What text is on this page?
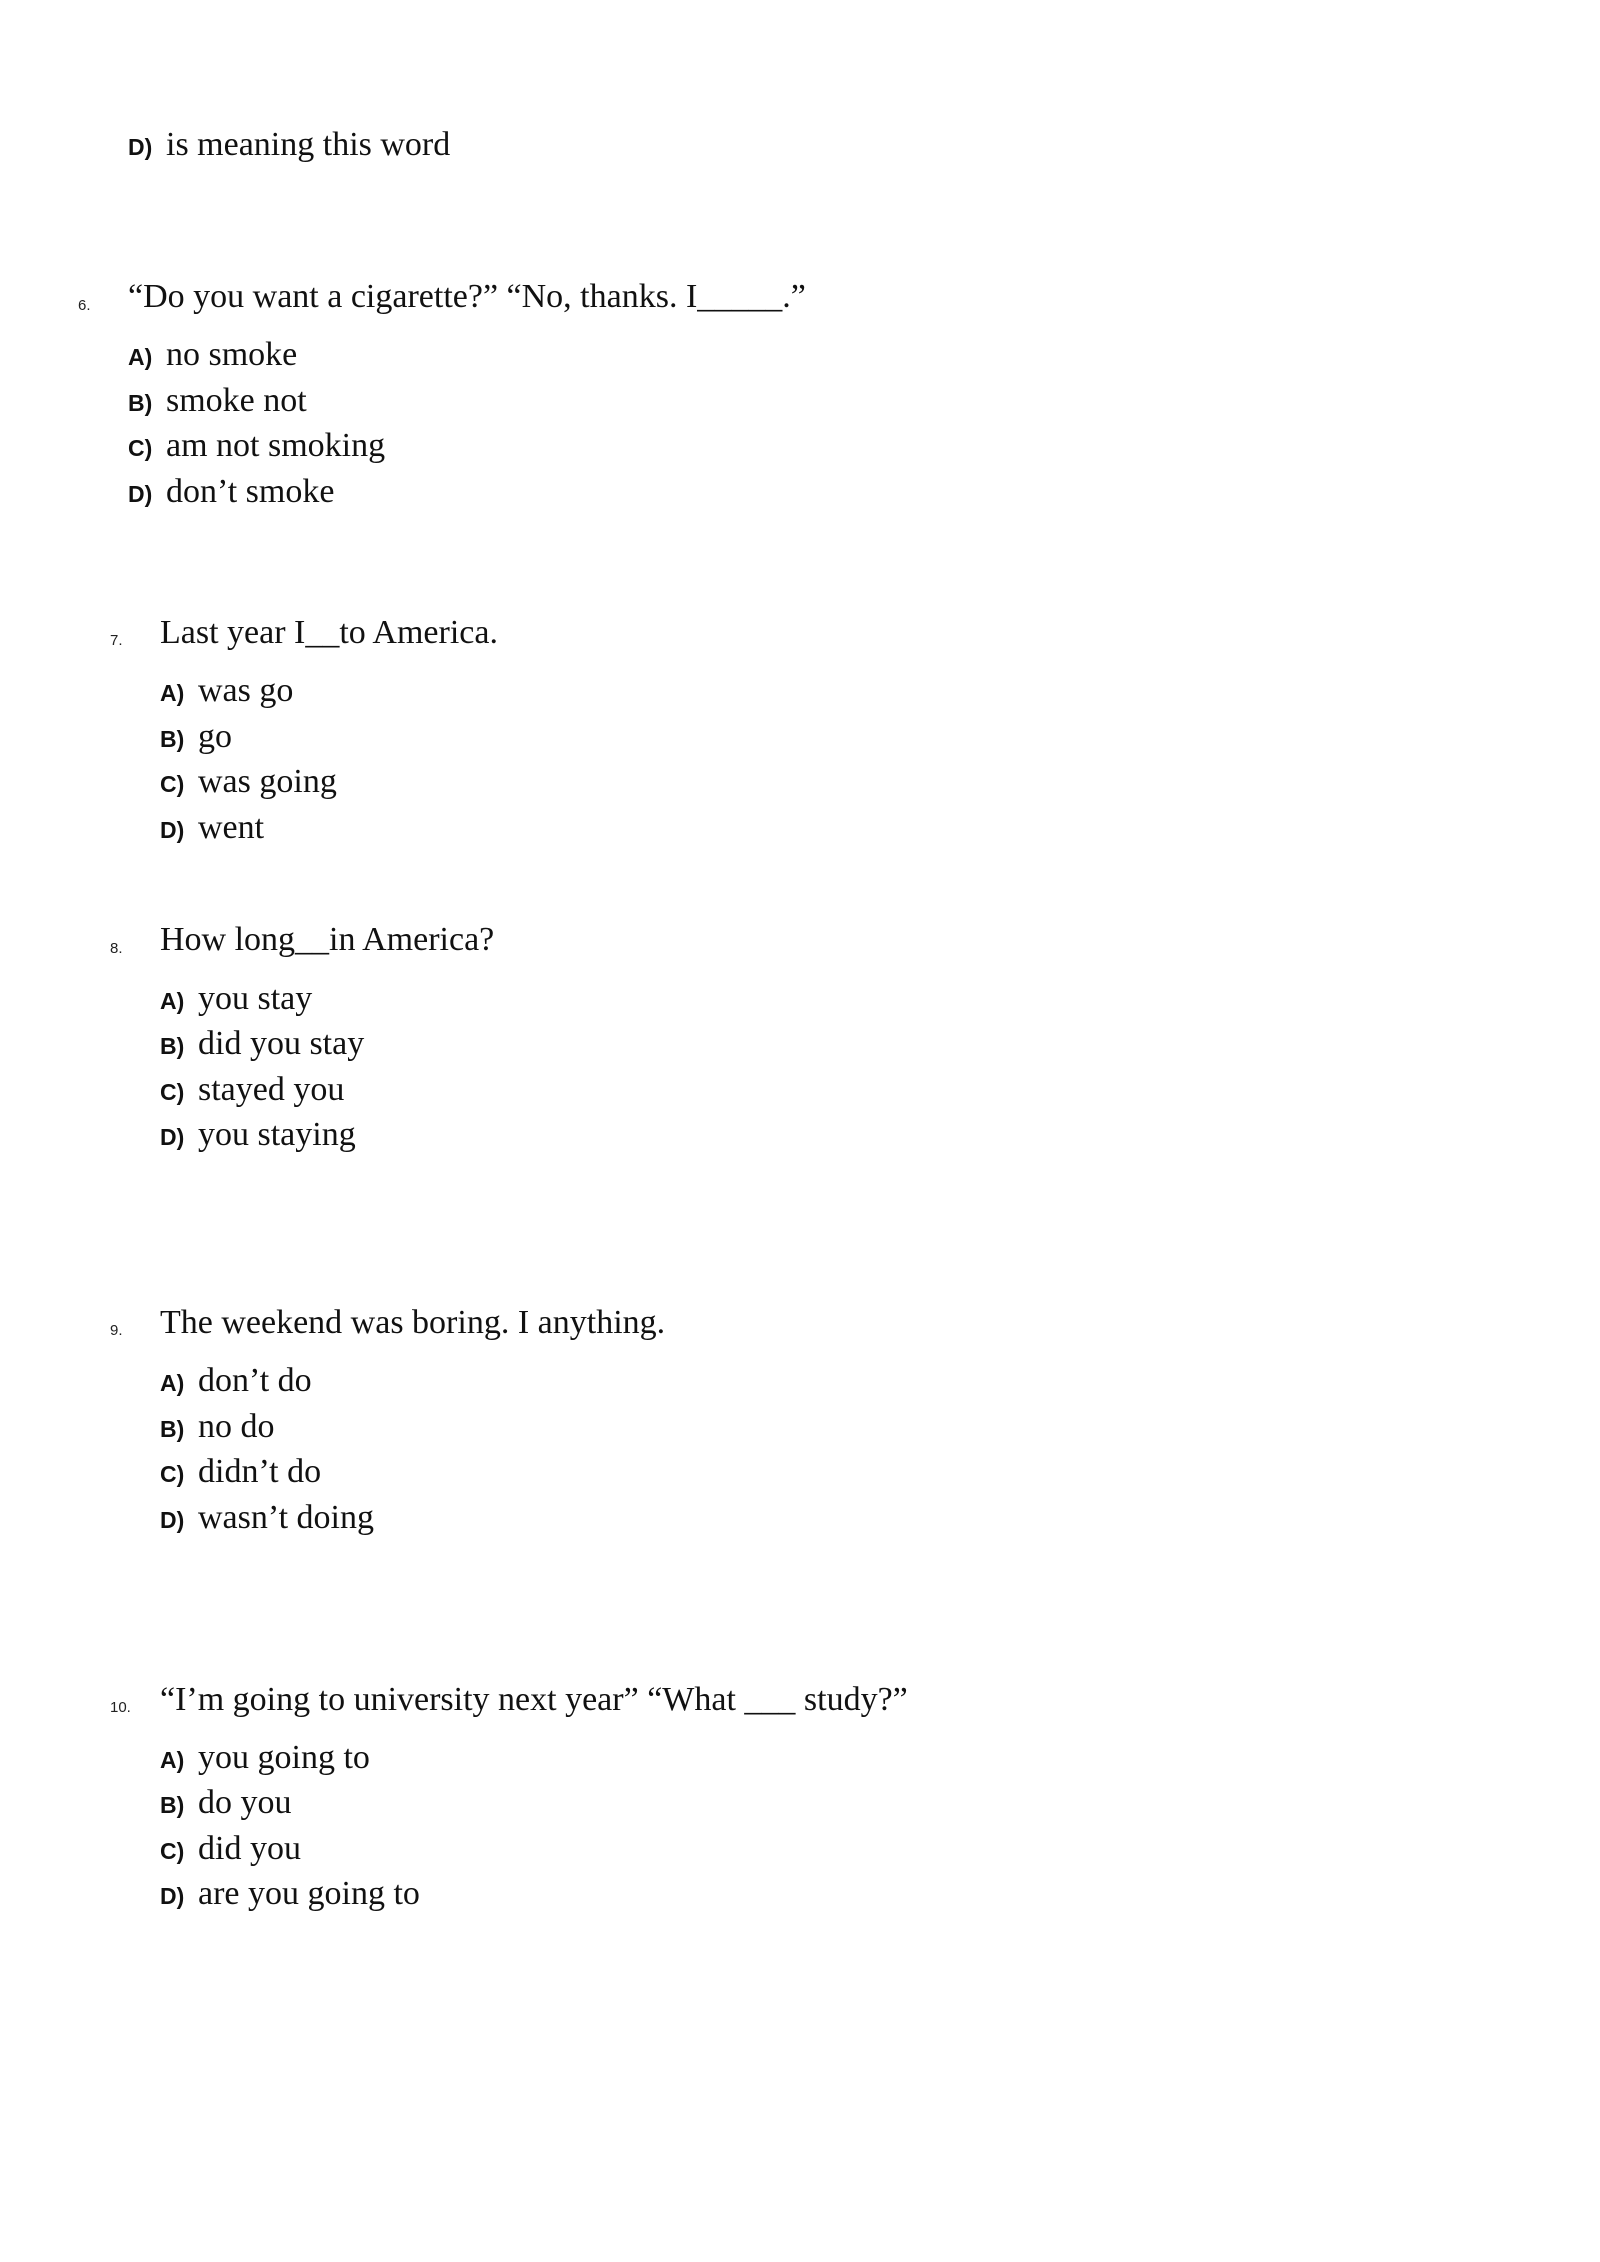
D) is meaning this word
6. “Do you want a cigarette?” “No, thanks. I_____.”
A) no smoke
B) smoke not
C) am not smoking
D) don’t smoke
7. Last year I__to America.
A) was go
B) go
C) was going
D) went
8. How long__in America?
A) you stay
B) did you stay
C) stayed you
D) you staying
9. The weekend was boring. I anything.
A) don’t do
B) no do
C) didn’t do
D) wasn’t doing
10. “I’m going to university next year” “What ___ study?”
A) you going to
B) do you
C) did you
D) are you going to
